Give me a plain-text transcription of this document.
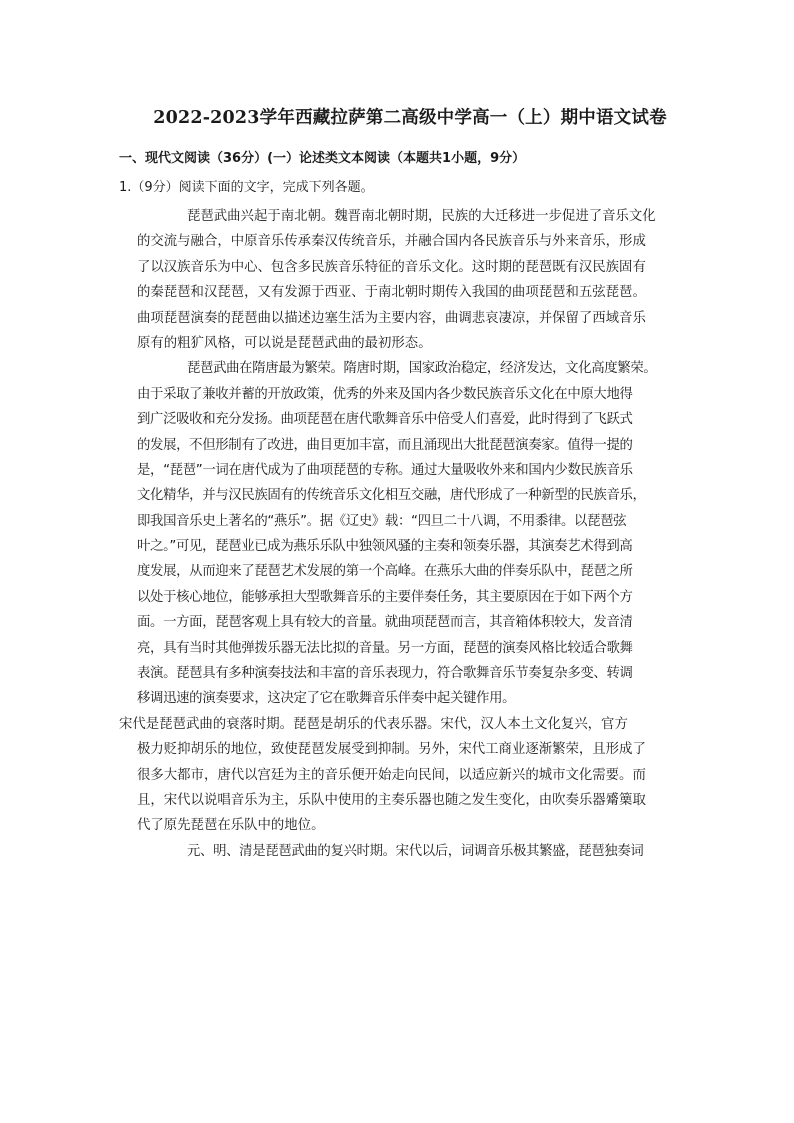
2022-2023学年西藏拉萨第二高级中学高一（上）期中语文试卷
一、现代文阅读（36分）(一）论述类文本阅读（本题共1小题，9分）
1.（9分）阅读下面的文字，完成下列各题。
琵琶武曲兴起于南北朝。魏晋南北朝时期，民族的大迁移进一步促进了音乐文化
的交流与融合，中原音乐传承秦汉传统音乐，并融合国内各民族音乐与外来音乐，形成
了以汉族音乐为中心、包含多民族音乐特征的音乐文化。这时期的琵琶既有汉民族固有
的秦琵琶和汉琵琶，又有发源于西亚、于南北朝时期传入我国的曲项琵琶和五弦琵琶。
曲项琵琶演奏的琵琶曲以描述边塞生活为主要内容，曲调悲哀凄凉，并保留了西域音乐
原有的粗犷风格，可以说是琵琶武曲的最初形态。
琵琶武曲在隋唐最为繁荣。隋唐时期，国家政治稳定，经济发达，文化高度繁荣。
由于采取了兼收并蓄的开放政策，优秀的外来及国内各少数民族音乐文化在中原大地得
到广泛吸收和充分发扬。曲项琵琶在唐代歌舞音乐中倍受人们喜爱，此时得到了飞跃式
的发展，不但形制有了改进，曲目更加丰富，而且涌现出大批琵琶演奏家。值得一提的
是，“琵琶”一词在唐代成为了曲项琵琶的专称。通过大量吸收外来和国内少数民族音乐
文化精华，并与汉民族固有的传统音乐文化相互交融，唐代形成了一种新型的民族音乐，
即我国音乐史上著名的“燕乐”。据《辽史》载：“四旦二十八调，不用黍律。以琵琶弦
叶之。”可见，琵琶业已成为燕乐乐队中独领风骚的主奏和领奏乐器，其演奏艺术得到高
度发展，从而迎来了琵琶艺术发展的第一个高峰。在燕乐大曲的伴奏乐队中，琵琶之所
以处于核心地位，能够承担大型歌舞音乐的主要伴奏任务，其主要原因在于如下两个方
面。一方面，琵琶客观上具有较大的音量。就曲项琵琶而言，其音箱体积较大，发音清
亮，具有当时其他弹拨乐器无法比拟的音量。另一方面，琵琶的演奏风格比较适合歌舞
表演。琵琶具有多种演奏技法和丰富的音乐表现力，符合歌舞音乐节奏复杂多变、转调
移调迅速的演奏要求，这决定了它在歌舞音乐伴奏中起关键作用。
宋代是琵琶武曲的衰落时期。琵琶是胡乐的代表乐器。宋代，汉人本土文化复兴，官方
极力贬抑胡乐的地位，致使琵琶发展受到抑制。另外，宋代工商业逐渐繁荣，且形成了
很多大都市，唐代以宫廷为主的音乐便开始走向民间，以适应新兴的城市文化需要。而
且，宋代以说唱音乐为主，乐队中使用的主奏乐器也随之发生变化，由吹奏乐器觱篥取
代了原先琵琶在乐队中的地位。
元、明、清是琵琶武曲的复兴时期。宋代以后，词调音乐极其繁盛，琵琶独奏词
